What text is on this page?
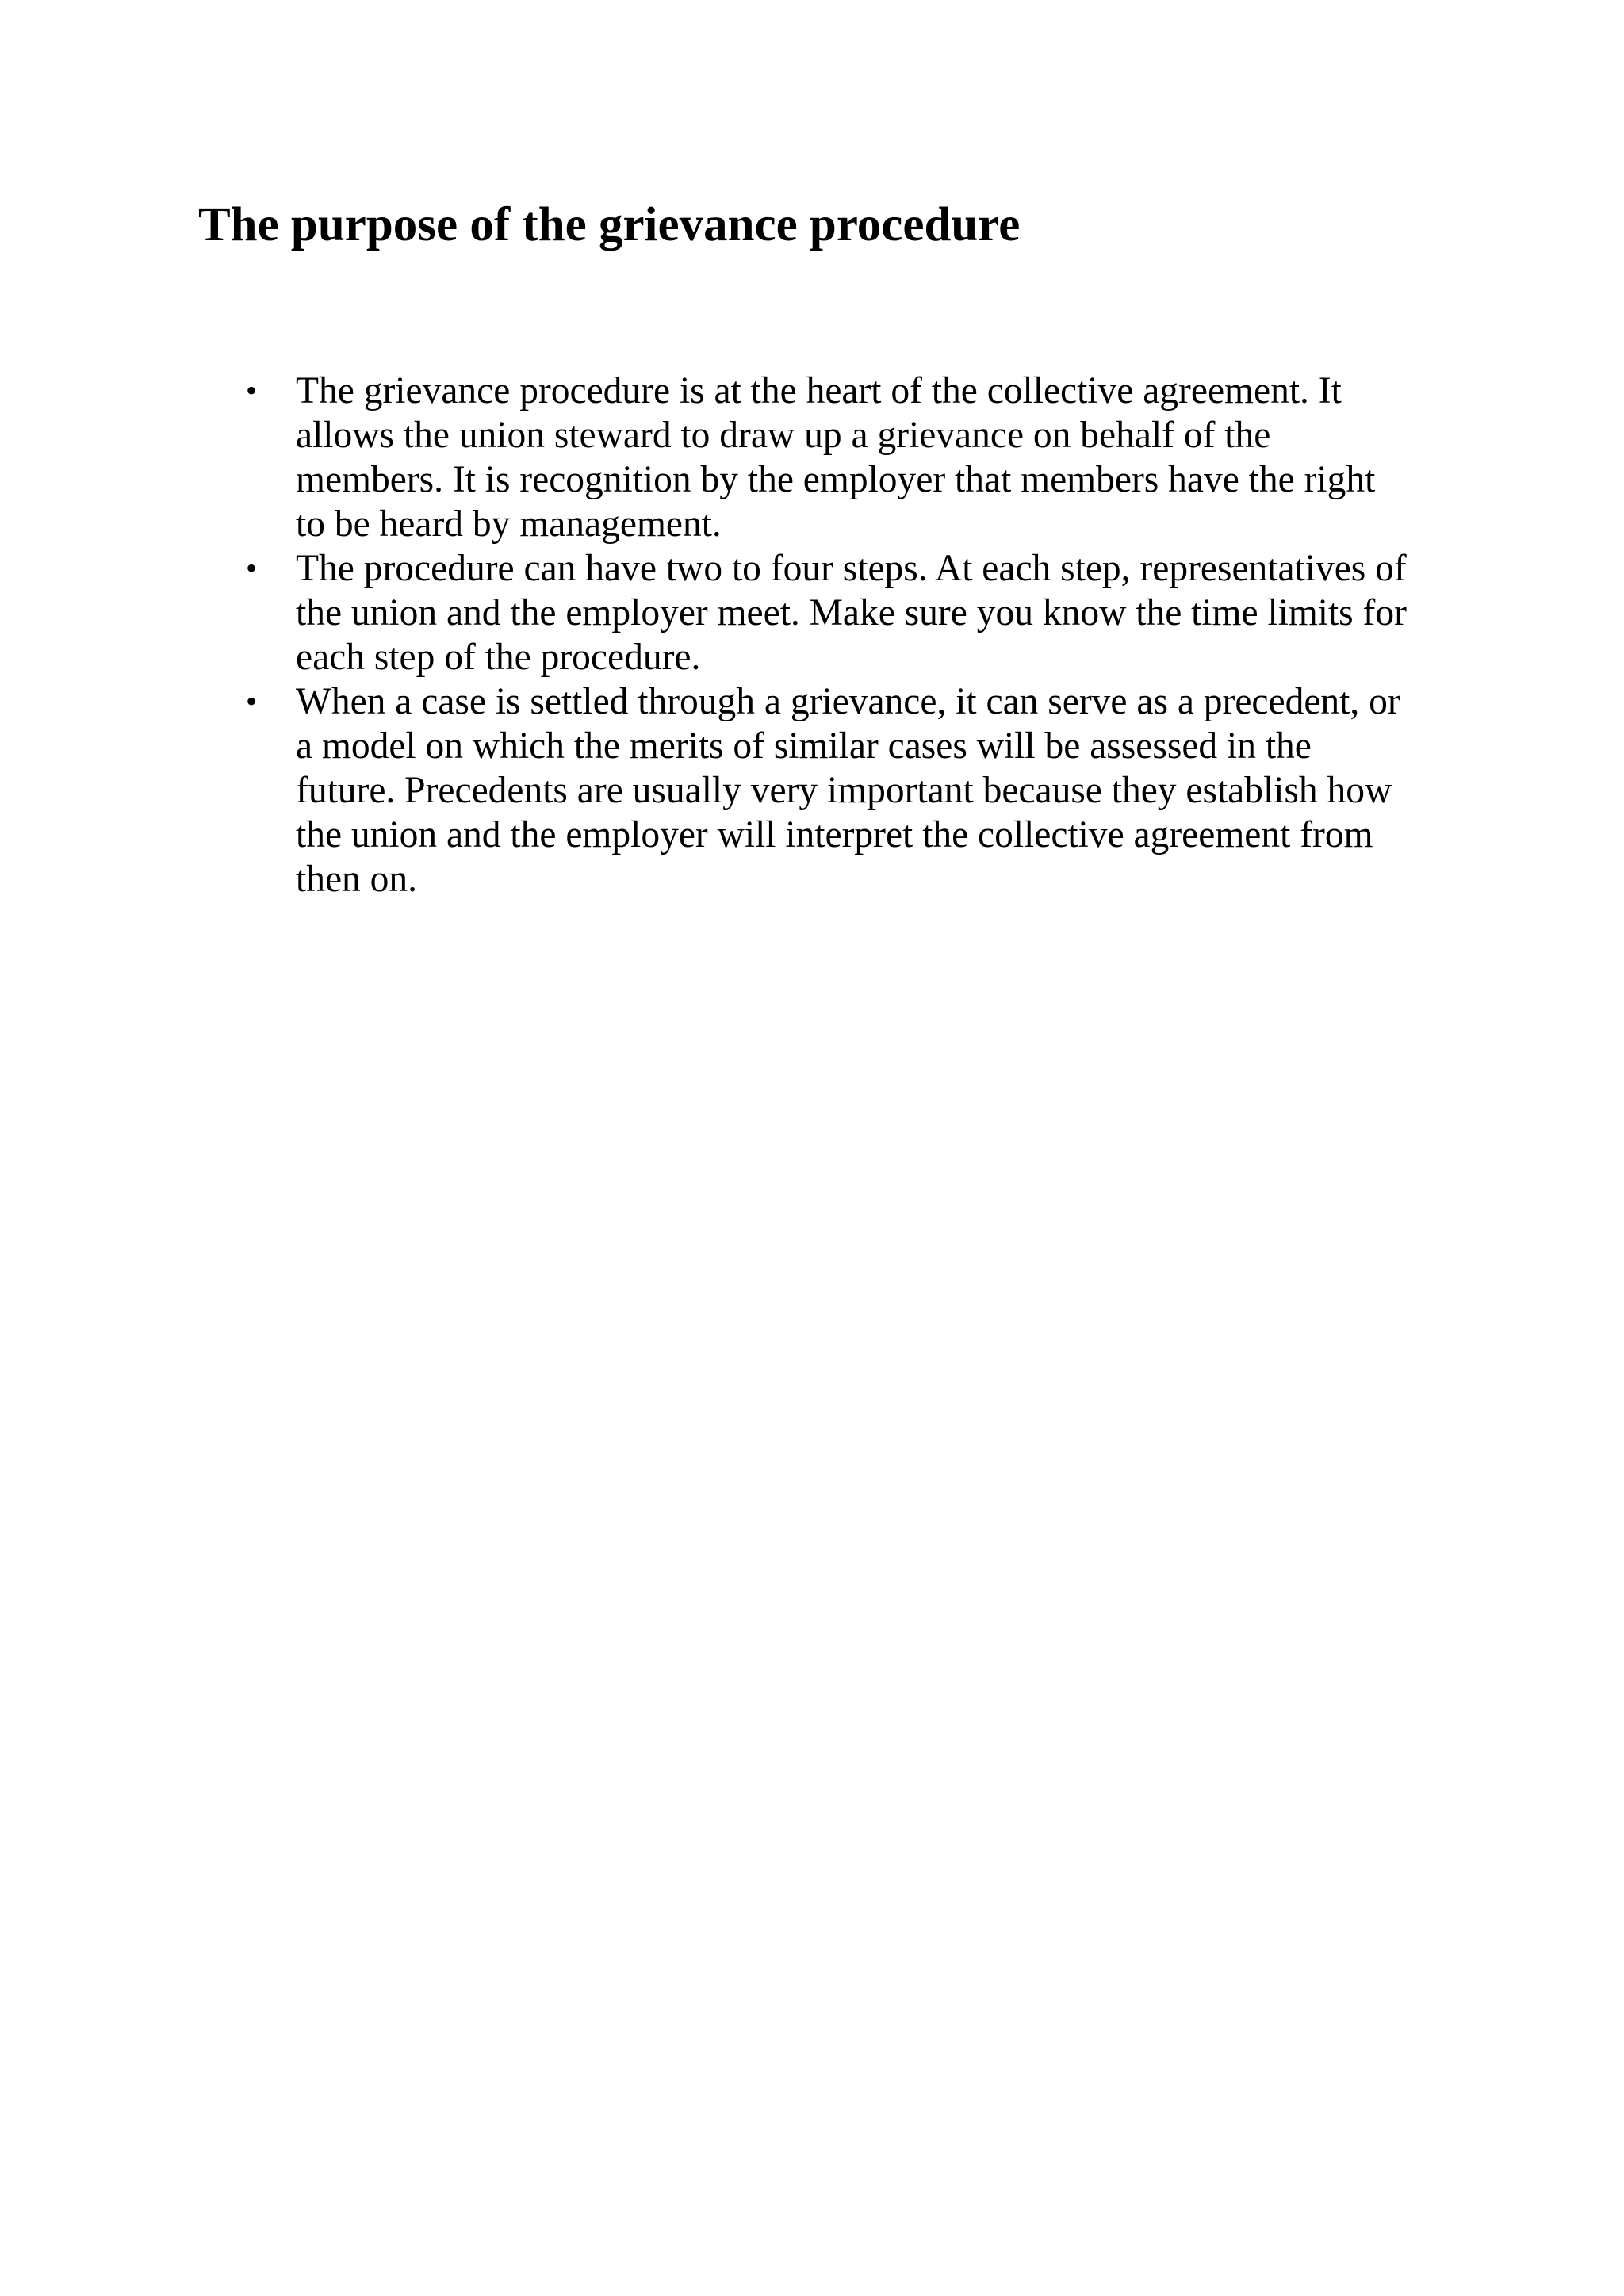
The purpose of the grievance procedure
• The grievance procedure is at the heart of the collective agreement. It
allows the union steward to draw up a grievance on behalf of the
members. It is recognition by the employer that members have the right
to be heard by management.
• The procedure can have two to four steps. At each step, representatives of
the union and the employer meet. Make sure you know the time limits for
each step of the procedure.
• When a case is settled through a grievance, it can serve as a precedent, or
a model on which the merits of similar cases will be assessed in the
future. Precedents are usually very important because they establish how
the union and the employer will interpret the collective agreement from
then on.
